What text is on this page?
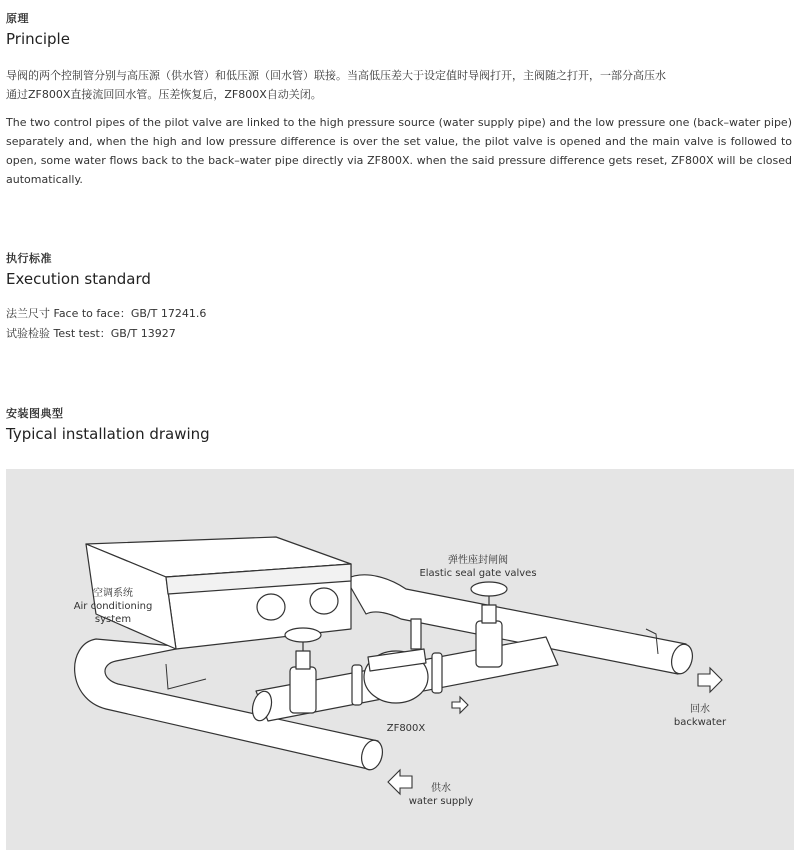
原理
Principle
导阀的两个控制管分别与高压源（供水管）和低压源（回水管）联接。当高低压差大于设定值时导阀打开，主阀随之打开，一部分高压水
通过ZF800X直接流回回水管。压差恢复后，ZF800X自动关闭。
The two control pipes of the pilot valve are linked to the high pressure source (water supply pipe) and the low pressure one (back–water pipe) separately and, when the high and low pressure difference is over the set value, the pilot valve is opened and the main valve is followed to open, some water flows back to the back–water pipe directly via ZF800X. when the said pressure difference gets reset, ZF800X will be closed automatically.
执行标准
Execution standard
法兰尺寸 Face to face：GB/T 17241.6
试验检验 Test test：GB/T 13927
安装图典型
Typical installation drawing
空调系统
Air conditioning
system
弹性座封闸阀
Elastic seal gate valves
ZF800X
回水
backwater
供水
water supply
